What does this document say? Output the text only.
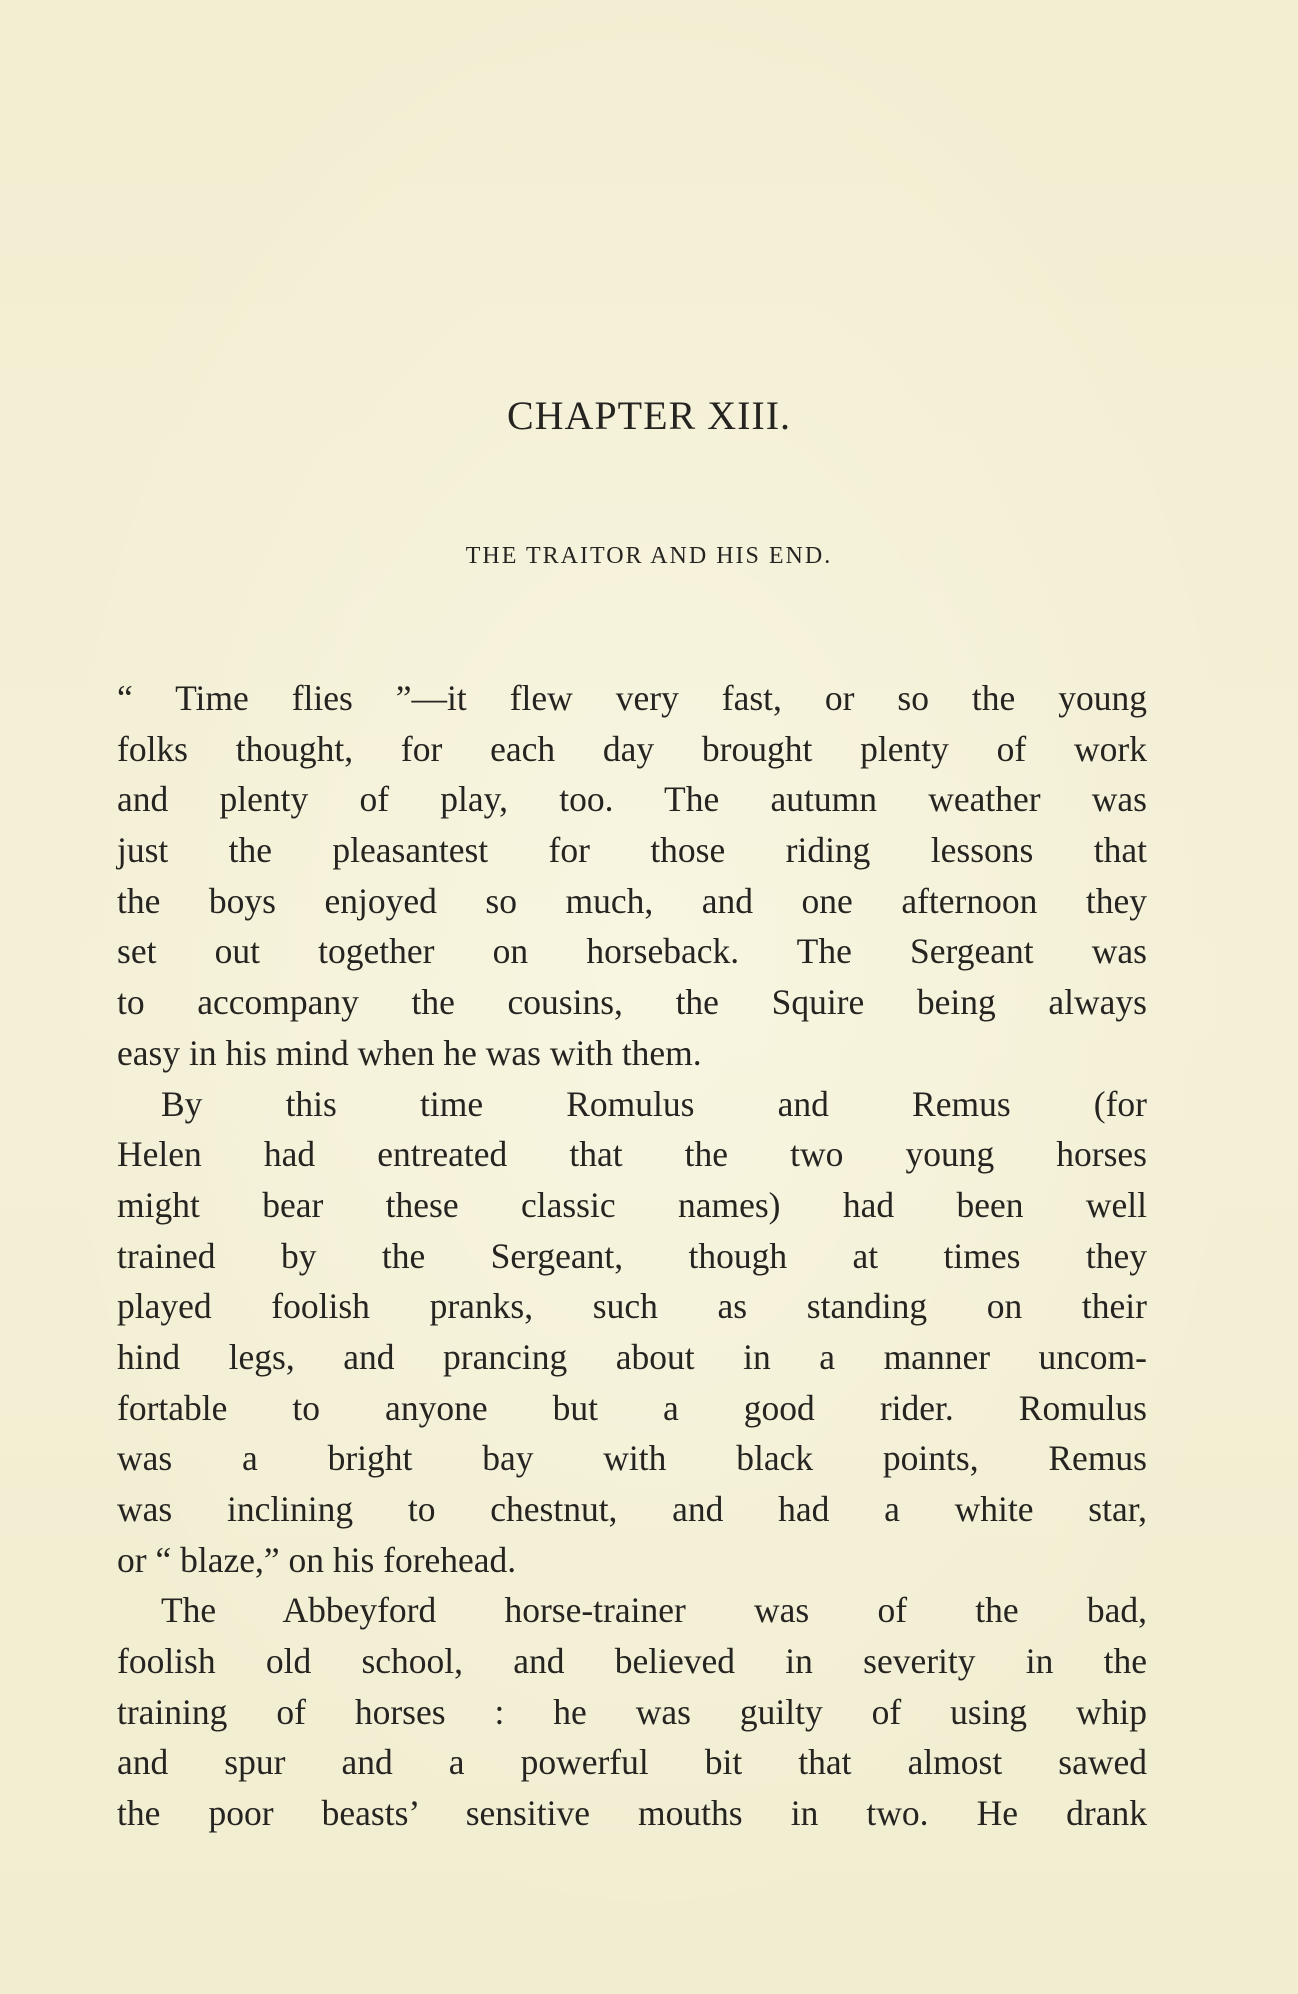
CHAPTER XIII.
THE TRAITOR AND HIS END.

“ Time flies ”—it flew very fast, or so the young
folks thought, for each day brought plenty of work
and plenty of play, too. The autumn weather was
just the pleasantest for those riding lessons that
the boys enjoyed so much, and one afternoon they
set out together on horseback. The Sergeant was
to accompany the cousins, the Squire being always
easy in his mind when he was with them.

By this time Romulus and Remus (for
Helen had entreated that the two young horses
might bear these classic names) had been well
trained by the Sergeant, though at times they
played foolish pranks, such as standing on their
hind legs, and prancing about in a manner uncom-
fortable to anyone but a good rider. Romulus
was a bright bay with black points, Remus
was inclining to chestnut, and had a white star,
or “ blaze,” on his forehead.

The Abbeyford horse-trainer was of the bad,
foolish old school, and believed in severity in the
training of horses : he was guilty of using whip
and spur and a powerful bit that almost sawed
the poor beasts’ sensitive mouths in two. He drank
